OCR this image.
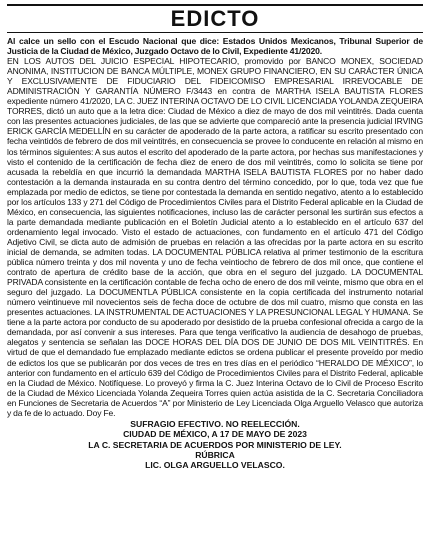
EDICTO

Al calce un sello con el Escudo Nacional que dice: Estados Unidos Mexicanos, Tribunal Superior de Justicia de la Ciudad de México, Juzgado Octavo de lo Civil, Expediente 41/2020.

EN LOS AUTOS DEL JUICIO ESPECIAL HIPOTECARIO, promovido por BANCO MONEX, SOCIEDAD ANONIMA, INSTITUCION DE BANCA MÚLTIPLE, MONEX GRUPO FINANCIERO, EN SU CARÁCTER ÚNICA Y EXCLUSIVAMENTE DE FIDUCIARIO DEL FIDEICOMISO EMPRESARIAL IRREVOCABLE DE ADMINISTRACIÓN Y GARANTÍA NÚMERO F/3443 en contra de MARTHA ISELA BAUTISTA FLORES expediente número 41/2020, LA C. JUEZ INTERINA OCTAVO DE LO CIVIL LICENCIADA YOLANDA ZEQUEIRA TORRES, dictó un auto que a la letra dice: Ciudad de México a diez de mayo de dos mil veintitrés. Dada cuenta con las presentes actuaciones judiciales, de las que se advierte que compareció ante la presencia judicial IRVING ERICK GARCÍA MEDELLÍN en su carácter de apoderado de la parte actora, a ratificar su escrito presentado con fecha veintidós de febrero de dos mil veintitrés, en consecuencia se provee lo conducente en relación al mismo en los términos siguientes: A sus autos el escrito del apoderado de la parte actora, por hechas sus manifestaciones y visto el contenido de la certificación de fecha diez de enero de dos mil veintitrés, como lo solicita se tiene por acusada la rebeldía en que incurrió la demandada MARTHA ISELA BAUTISTA FLORES por no haber dado contestación a la demanda instaurada en su contra dentro del término concedido, por lo que, toda vez que fue emplazada por medio de edictos, se tiene por contestada la demanda en sentido negativo, atento a lo establecido por los artículos 133 y 271 del Código de Procedimientos Civiles para el Distrito Federal aplicable en la Ciudad de México, en consecuencia, las siguientes notificaciones, incluso las de carácter personal les surtirán sus efectos a la parte demandada mediante publicación en el Boletín Judicial atento a lo establecido en el artículo 637 del ordenamiento legal invocado. Visto el estado de actuaciones, con fundamento en el artículo 471 del Código Adjetivo Civil, se dicta auto de admisión de pruebas en relación a las ofrecidas por la parte actora en su escrito inicial de demanda, se admiten todas. LA DOCUMENTAL PÚBLICA relativa al primer testimonio de la escritura pública número treinta y dos mil noventa y uno de fecha veintiocho de febrero de dos mil once, que contiene el contrato de apertura de crédito base de la acción, que obra en el seguro del juzgado. LA DOCUMENTAL PRIVADA consistente en la certificación contable de fecha ocho de enero de dos mil veinte, mismo que obra en el seguro del juzgado. La DOCUMENTLA PÚBLICA consistente en la copia certificada del instrumento notarial número veintinueve mil novecientos seis de fecha doce de octubre de dos mil cuatro, mismo que consta en las presentes actuaciones. LA INSTRUMENTAL DE ACTUACIONES Y LA PRESUNCIONAL LEGAL Y HUMANA. Se tiene a la parte actora por conducto de su apoderado por desistido de la prueba confesional ofrecida a cargo de la demandada, por así convenir a sus intereses. Para que tenga verificativo la audiencia de desahogo de pruebas, alegatos y sentencia se señalan las DOCE HORAS DEL DÍA DOS DE JUNIO DE DOS MIL VEINTITRÉS. En virtud de que el demandado fue emplazado mediante edictos se ordena publicar el presente proveído por medio de edictos los que se publicarán por dos veces de tres en tres días en el periódico “HERALDO DE MÉXICO”, lo anterior con fundamento en el artículo 639 del Código de Procedimientos Civiles para el Distrito Federal, aplicable en la Ciudad de México. Notifíquese. Lo proveyó y firma la C. Juez Interina Octavo de lo Civil de Proceso Escrito de la Ciudad de México Licenciada Yolanda Zequeira Torres quien actúa asistida de la C. Secretaria Conciliadora en Funciones de Secretaria de Acuerdos “A” por Ministerio de Ley Licenciada Olga Arguello Velasco que autoriza y da fe de lo actuado. Doy Fe.

SUFRAGIO EFECTIVO. NO REELECCIÓN.
CIUDAD DE MÉXICO, A 17 DE MAYO DE 2023
LA C. SECRETARIA DE ACUERDOS POR MINISTERIO DE LEY.
RÚBRICA
LIC. OLGA ARGUELLO VELASCO.
